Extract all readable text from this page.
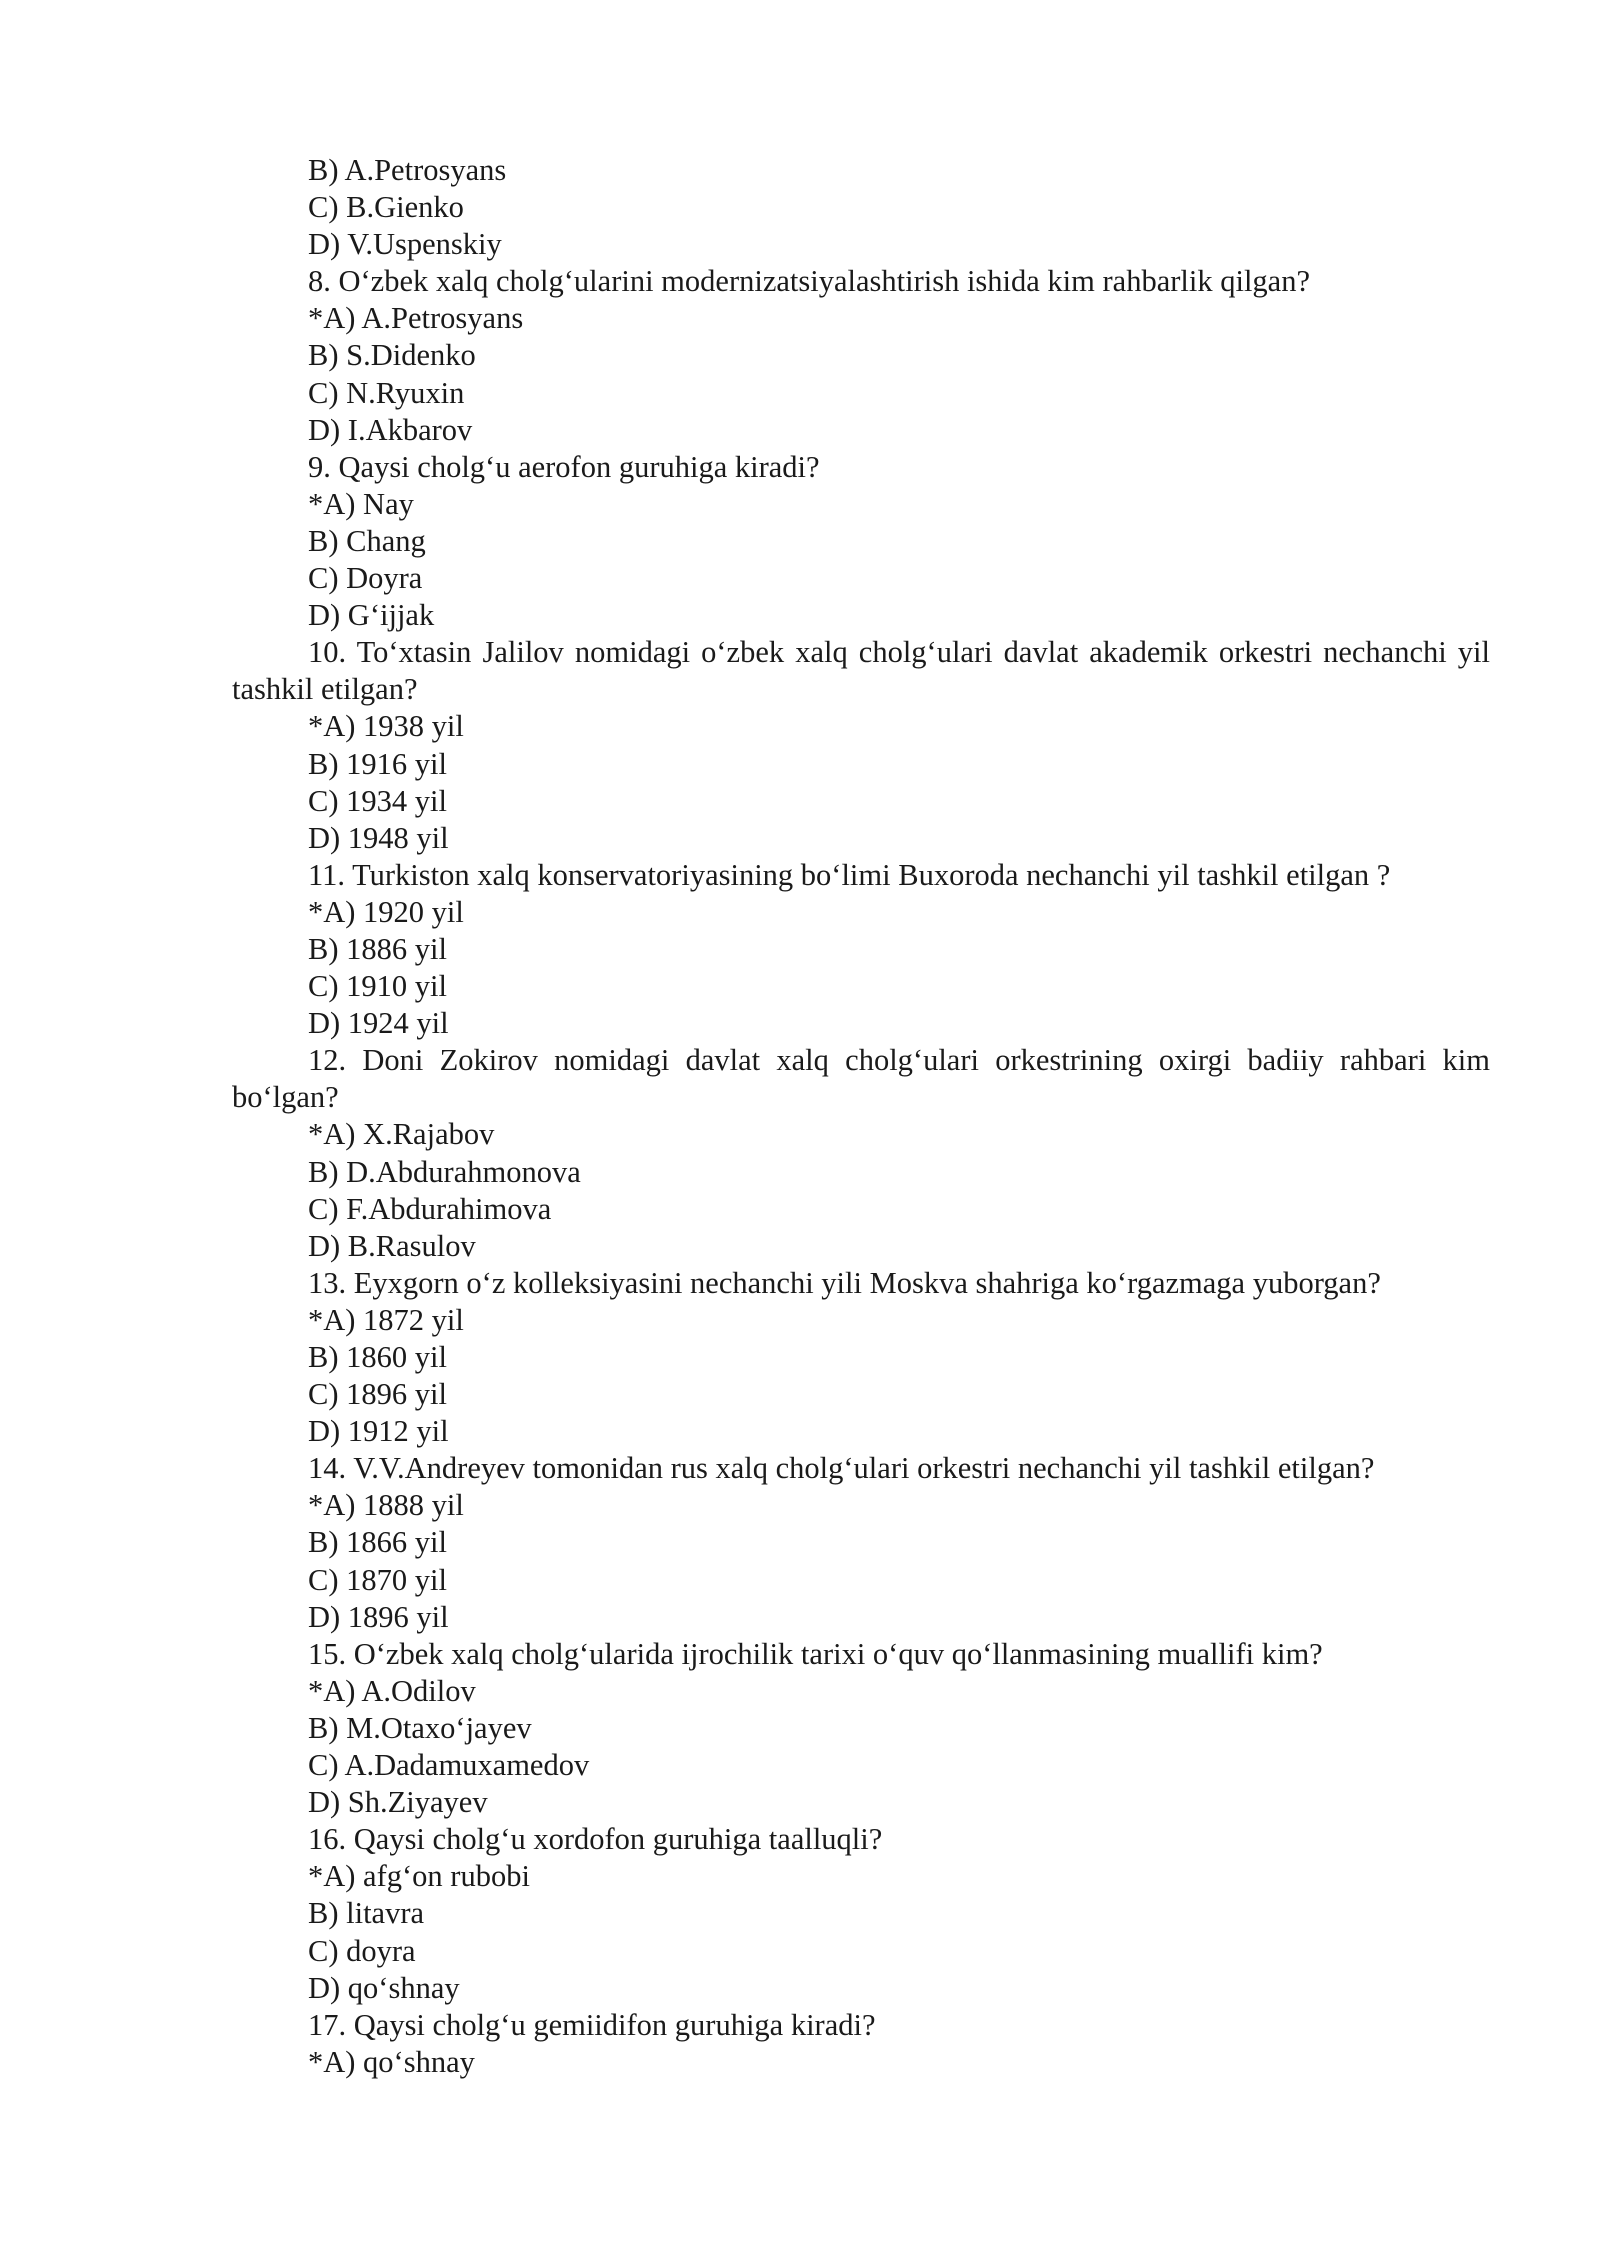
B) A.Petrosyans
C) B.Gienko
D) V.Uspenskiy
8. O‘zbek xalq cholg‘ularini modernizatsiyalashtirish ishida kim rahbarlik qilgan?
*A) A.Petrosyans
B) S.Didenko
C) N.Ryuxin
D) I.Akbarov
9. Qaysi cholg‘u aerofon guruhiga kiradi?
*A) Nay
B) Chang
C) Doyra
D) G‘ijjak
10. To‘xtasin Jalilov nomidagi o‘zbek xalq cholg‘ulari davlat akademik orkestri nechanchi yil tashkil etilgan?
*A) 1938 yil
B) 1916 yil
C) 1934 yil
D) 1948 yil
11. Turkiston xalq konservatoriyasining bo‘limi Buxoroda nechanchi yil tashkil etilgan ?
*A) 1920 yil
B) 1886 yil
C) 1910 yil
D) 1924 yil
12. Doni Zokirov nomidagi davlat xalq cholg‘ulari orkestrining oxirgi badiiy rahbari kim bo‘lgan?
*A) X.Rajabov
B) D.Abdurahmonova
C) F.Abdurahimova
D) B.Rasulov
13. Eyxgorn o‘z kolleksiyasini nechanchi yili Moskva shahriga ko‘rgazmaga yuborgan?
*A) 1872 yil
B) 1860 yil
C) 1896 yil
D) 1912 yil
14. V.V.Andreyev tomonidan rus xalq cholg‘ulari orkestri nechanchi yil tashkil etilgan?
*A) 1888 yil
B) 1866 yil
C) 1870 yil
D) 1896 yil
15. O‘zbek xalq cholg‘ularida ijrochilik tarixi o‘quv qo‘llanmasining muallifi kim?
*A) A.Odilov
B) M.Otaxo‘jayev
C) A.Dadamuxamedov
D) Sh.Ziyayev
16. Qaysi cholg‘u xordofon guruhiga taalluqli?
*A) afg‘on rubobi
B) litavra
C) doyra
D) qo‘shnay
17. Qaysi cholg‘u gemiidifon guruhiga kiradi?
*A) qo‘shnay
